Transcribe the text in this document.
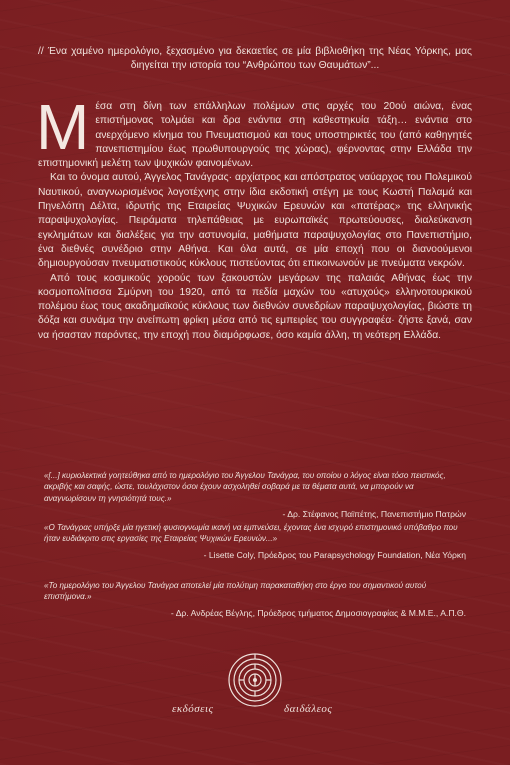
// Ένα χαμένο ημερολόγιο, ξεχασμένο για δεκαετίες σε μία βιβλιοθήκη της Νέας Υόρκης, μας διηγείται την ιστορία του “Ανθρώπου των Θαυμάτων”...
Μ έσα στη δίνη των επάλληλων πολέμων στις αρχές του 20ού αιώνα, ένας επιστήμονας τολμάει και δρα ενάντια στη καθεστηκυία τάξη… ενάντια στο ανερχόμενο κίνημα του Πνευματισμού και τους υποστηρικτές του (από καθηγητές πανεπιστημίου έως πρωθυπουργούς της χώρας), φέρνοντας στην Ελλάδα την επιστημονική μελέτη των ψυχικών φαινομένων.

Και το όνομα αυτού, Άγγελος Τανάγρας· αρχίατρος και απόστρατος ναύαρχος του Πολεμικού Ναυτικού, αναγνωρισμένος λογοτέχνης στην ίδια εκδοτική στέγη με τους Κωστή Παλαμά και Πηνελόπη Δέλτα, ιδρυτής της Εταιρείας Ψυχικών Ερευνών και «πατέρας» της ελληνικής παραψυχολογίας. Πειράματα τηλεπάθειας με ευρωπαϊκές πρωτεύουσες, διαλεύκανση εγκλημάτων και διαλέξεις για την αστυνομία, μαθήματα παραψυχολογίας στο Πανεπιστήμιο, ένα διεθνές συνέδριο στην Αθήνα. Και όλα αυτά, σε μία εποχή που οι διανοούμενοι δημιουργούσαν πνευματιστικούς κύκλους πιστεύοντας ότι επικοινωνούν με πνεύματα νεκρών.

Από τους κοσμικούς χορούς των ξακουστών μεγάρων της παλαιάς Αθήνας έως την κοσμοπολίτισσα Σμύρνη του 1920, από τα πεδία μαχών του «ατυχούς» ελληνοτουρκικού πολέμου έως τους ακαδημαϊκούς κύκλους των διεθνών συνεδρίων παραψυχολογίας, βιώστε τη δόξα και συνάμα την ανείπωτη φρίκη μέσα από τις εμπειρίες του συγγραφέα· ζήστε ξανά, σαν να ήσασταν παρόντες, την εποχή που διαμόρφωσε, όσο καμία άλλη, τη νεότερη Ελλάδα.

«[...] κυριολεκτικά γοητεύθηκα από το ημερολόγιο του Άγγελου Τανάγρα, του οποίου ο λόγος είναι τόσο πειστικός, ακριβής και σαφής, ώστε, τουλάχιστον όσοι έχουν ασχοληθεί σοβαρά με τα θέματα αυτά, να μπορούν να αναγνωρίσουν τη γνησιότητά τους.»
- Δρ. Στέφανος Παϊπέτης, Πανεπιστήμιο Πατρών
«Ο Τανάγρας υπήρξε μία ηγετική φυσιογνωμία ικανή να εμπνεύσει, έχοντας ένα ισχυρό επιστημονικό υπόβαθρο που ήταν ευδιάκριτο στις εργασίες της Εταιρείας Ψυχικών Ερευνών...»
- Lisette Coly, Πρόεδρος του Parapsychology Foundation, Νέα Υόρκη
«Το ημερολόγιο του Άγγελου Τανάγρα αποτελεί μία πολύτιμη παρακαταθήκη στο έργο του σημαντικού αυτού επιστήμονα.»
- Δρ. Ανδρέας Βέγλης, Πρόεδρος τμήματος Δημοσιογραφίας & Μ.Μ.Ε., Α.Π.Θ.
εκδόσεις	δαιδάλεος
